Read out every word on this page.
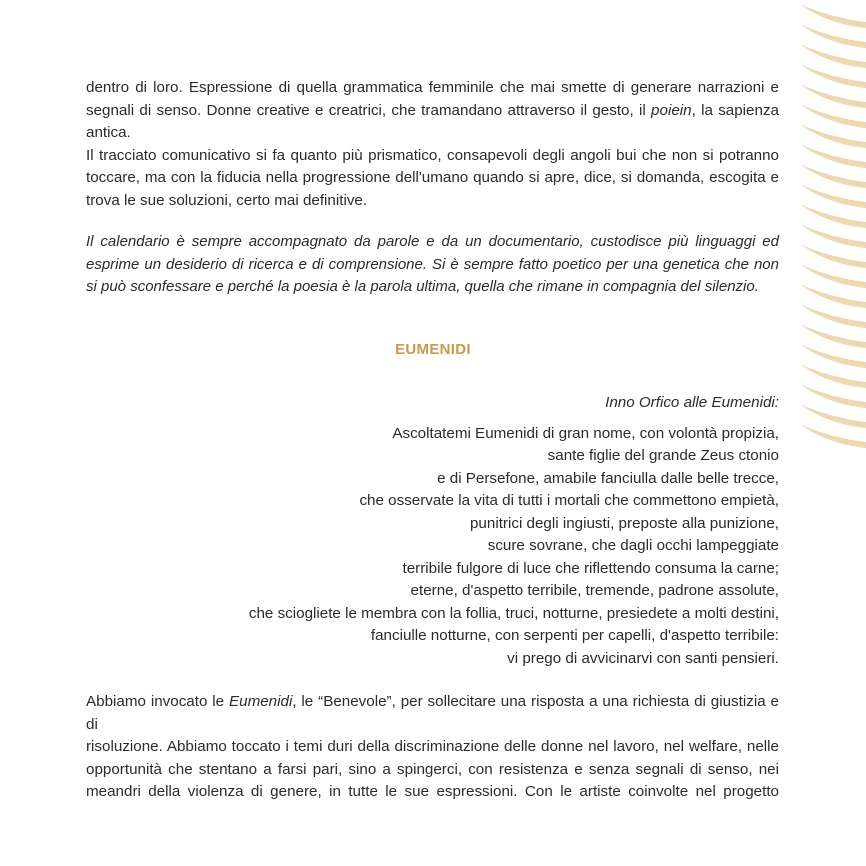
dentro di loro. Espressione di quella grammatica femminile che mai smette di generare narrazioni e segnali di senso. Donne creative e creatrici, che tramandano attraverso il gesto, il poiein, la sapienza antica.

Il tracciato comunicativo si fa quanto più prismatico, consapevoli degli angoli bui che non si potranno toccare, ma con la fiducia nella progressione dell'umano quando si apre, dice, si domanda, escogita e trova le sue soluzioni, certo mai definitive.

Il calendario è sempre accompagnato da parole e da un documentario, custodisce più linguaggi ed esprime un desiderio di ricerca e di comprensione. Si è sempre fatto poetico per una genetica che non si può sconfessare e perché la poesia è la parola ultima, quella che rimane in compagnia del silenzio.

EUMENIDI

Inno Orfico alle Eumenidi:

Ascoltatemi Eumenidi di gran nome, con volontà propizia,
sante figlie del grande Zeus ctonio
e di Persefone, amabile fanciulla dalle belle trecce,
che osservate la vita di tutti i mortali che commettono empietà,
punitrici degli ingiusti, preposte alla punizione,
scure sovrane, che dagli occhi lampeggiate
terribile fulgore di luce che riflettendo consuma la carne;
eterne, d'aspetto terribile, tremende, padrone assolute,
che sciogliete le membra con la follia, truci, notturne, presiedete a molti destini,
fanciulle notturne, con serpenti per capelli, d'aspetto terribile:
vi prego di avvicinarvi con santi pensieri.
Abbiamo invocato le Eumenidi, le “Benevole”, per sollecitare una risposta a una richiesta di giustizia e di
risoluzione. Abbiamo toccato i temi duri della discriminazione delle donne nel lavoro, nel welfare, nelle
opportunità che stentano a farsi pari, sino a spingerci, con resistenza e senza segnali di senso, nei
meandri della violenza di genere, in tutte le sue espressioni. Con le artiste coinvolte nel progetto
